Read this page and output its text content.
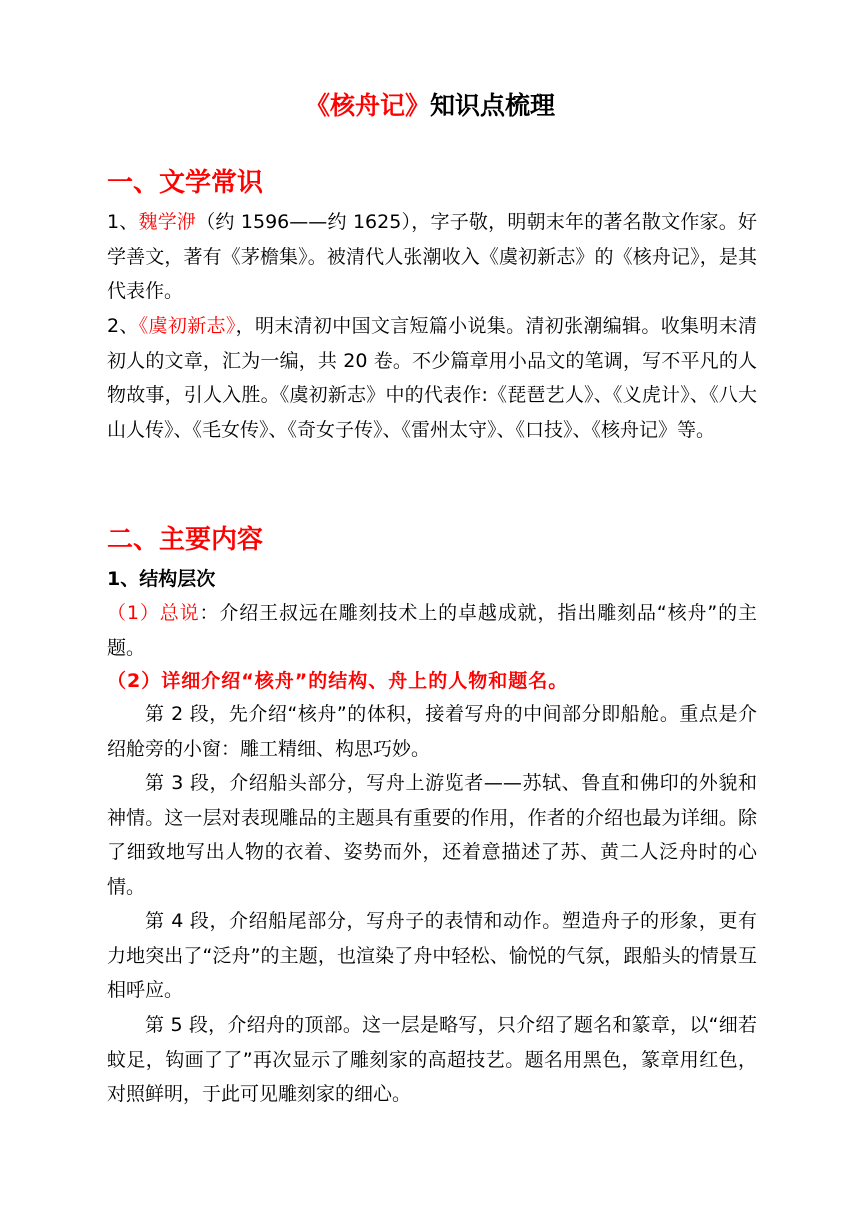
《核舟记》知识点梳理
一、文学常识
1、魏学洢（约 1596——约 1625），字子敬，明朝末年的著名散文作家。好学善文，著有《茅檐集》。被清代人张潮收入《虞初新志》的《核舟记》，是其代表作。
2、《虞初新志》，明末清初中国文言短篇小说集。清初张潮编辑。收集明末清初人的文章，汇为一编，共 20 卷。不少篇章用小品文的笔调，写不平凡的人物故事，引人入胜。《虞初新志》中的代表作:《琵琶艺人》、《义虎计》、《八大山人传》、《毛女传》、《奇女子传》、《雷州太守》、《口技》、《核舟记》等。
二、主要内容
1、结构层次
（1）总说：介绍王叔远在雕刻技术上的卓越成就，指出雕刻品“核舟”的主题。
（2）详细介绍“核舟”的结构、舟上的人物和题名。
第 2 段，先介绍“核舟”的体积，接着写舟的中间部分即船舱。重点是介绍舱旁的小窗：雕工精细、构思巧妙。
第 3 段，介绍船头部分，写舟上游览者——苏轼、鲁直和佛印的外貌和神情。这一层对表现雕品的主题具有重要的作用，作者的介绍也最为详细。除了细致地写出人物的衣着、姿势而外，还着意描述了苏、黄二人泛舟时的心情。
第 4 段，介绍船尾部分，写舟子的表情和动作。塑造舟子的形象，更有力地突出了“泛舟”的主题，也渲染了舟中轻松、愉悦的气氛，跟船头的情景互相呼应。
第 5 段，介绍舟的顶部。这一层是略写，只介绍了题名和篆章，以“细若蚊足，钩画了了”再次显示了雕刻家的高超技艺。题名用黑色，篆章用红色，对照鲜明，于此可见雕刻家的细心。
